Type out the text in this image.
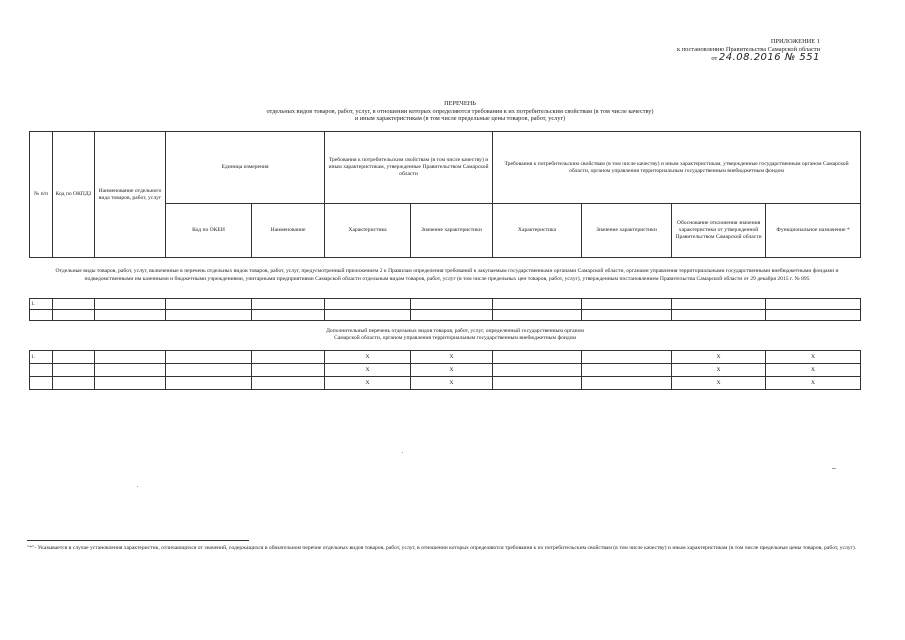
ПРИЛОЖЕНИЕ 1
к постановлению Правительства Самарской области
от 24.08.2016 № 551
ПЕРЕЧЕНЬ
отдельных видов товаров, работ, услуг, в отношении которых определяются требования к их потребительским свойствам (в том числе качеству)
и иным характеристикам (в том числе предельные цены товаров, работ, услуг)
№ п/п	Код по ОКПД2	Наименование отдельного вида товаров, работ, услуг	Единица измерения		Требования к потребительским свойствам (в том числе качеству) и иным характеристикам, утвержденные Правительством Самарской области		Требования к потребительским свойствам (в том числе качеству) и иным характеристикам, утвержденные государственным органом Самарской области, органом управления территориальным государственным внебюджетным фондом			
			Код по ОКЕИ	Наименование	Характеристика	Значение характеристики	Характеристика	Значение характеристики	Обоснование отклонения значения характеристики от утвержденной Правительством Самарской области	Функциональное назначение *
Отдельные виды товаров, работ, услуг, включенные в перечень отдельных видов товаров, работ, услуг, предусмотренный приложением 2 к Правилам определения требований к закупаемым государственными органами Самарской области, органами управления территориальными государственными внебюджетными фондами и подведомственными им казенными и бюджетными учреждениями, унитарными предприятиями Самарской области отдельным видам товаров, работ, услуг (в том числе предельных цен товаров, работ, услуг), утвержденным постановлением Правительства Самарской области от 29 декабря 2015 г. № 895
1.										

Дополнительный перечень отдельных видов товаров, работ, услуг, определенный государственным органом
Самарской области, органом управления территориальным государственным внебюджетным фондом
1.					Х	Х			Х	Х
					Х	Х			Х	Х
					Х	Х			Х	Х
"*"- Указывается в случае установления характеристик, отличающихся от значений, содержащихся в обязательном перечне отдельных видов товаров, работ, услуг, в отношении которых определяются требования к их потребительским свойствам (в том числе качеству) и иным характеристикам (в том числе предельные цены товаров, работ, услуг).
